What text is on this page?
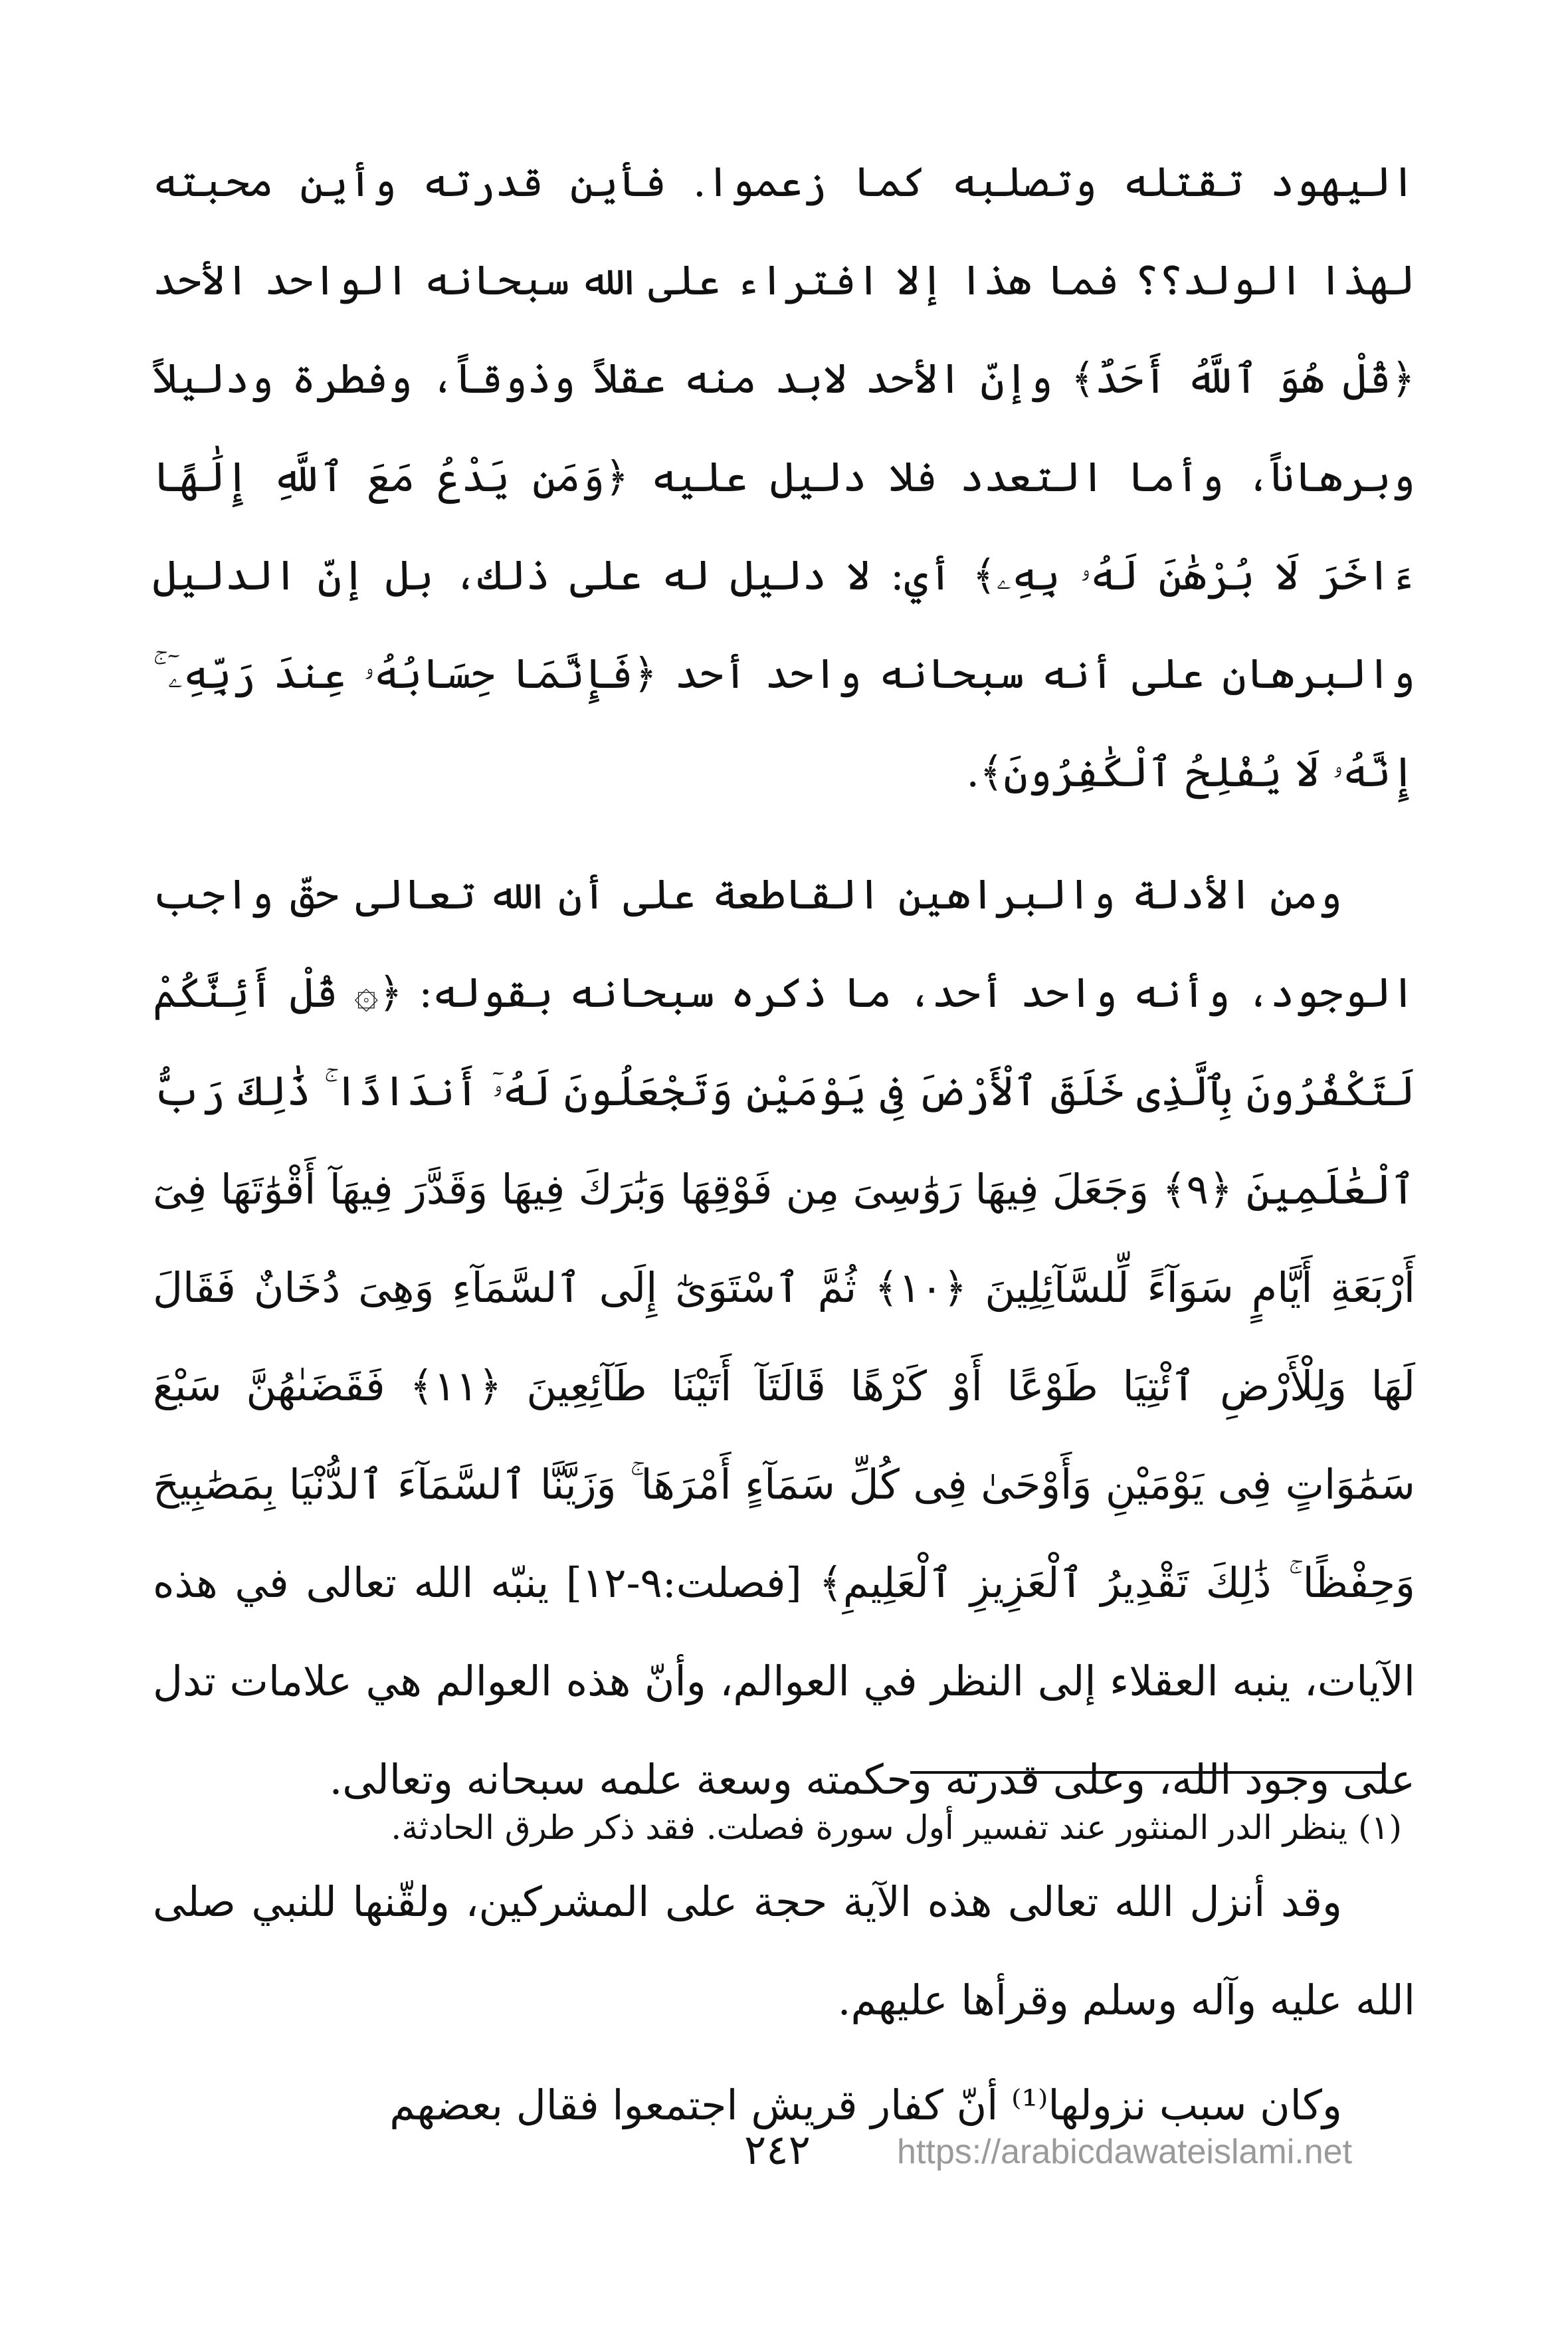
اليهود تقتله وتصلبه كما زعموا. فأين قدرته وأين محبته لهذا الولد؟؟ فما هذا إلا افتراء على الله سبحانه الواحد الأحد ﴿قُلْ هُوَ ٱللَّهُ أَحَدٌ﴾ وإنّ الأحد لابد منه عقلاً وذوقاً، وفطرة ودليلاً وبرهاناً، وأما التعدد فلا دليل عليه ﴿وَمَن يَدْعُ مَعَ ٱللَّهِ إِلَٰهًا ءَاخَرَ لَا بُرْهَٰنَ لَهُۥ بِهِۦ﴾ أي: لا دليل له على ذلك، بل إنّ الدليل والبرهان على أنه سبحانه واحد أحد ﴿فَإِنَّمَا حِسَابُهُۥ عِندَ رَبِّهِۦٓ ۚ إِنَّهُۥ لَا يُفْلِحُ ٱلْكَٰفِرُونَ﴾.

ومن الأدلة والبراهين القاطعة على أن الله تعالى حقّ واجب الوجود، وأنه واحد أحد، ما ذكره سبحانه بقوله: ﴿۞ قُلْ أَئِنَّكُمْ لَتَكْفُرُونَ بِٱلَّذِى خَلَقَ ٱلْأَرْضَ فِى يَوْمَيْنِ وَتَجْعَلُونَ لَهُۥٓ أَندَادًا ۚ ذَٰلِكَ رَبُّ ٱلْعَٰلَمِينَ ﴿٩﴾ وَجَعَلَ فِيهَا رَوَٰسِىَ مِن فَوْقِهَا وَبَٰرَكَ فِيهَا وَقَدَّرَ فِيهَآ أَقْوَٰتَهَا فِىٓ أَرْبَعَةِ أَيَّامٍ سَوَآءً لِّلسَّآئِلِينَ ﴿١٠﴾ ثُمَّ ٱسْتَوَىٰٓ إِلَى ٱلسَّمَآءِ وَهِىَ دُخَانٌ فَقَالَ لَهَا وَلِلْأَرْضِ ٱئْتِيَا طَوْعًا أَوْ كَرْهًا قَالَتَآ أَتَيْنَا طَآئِعِينَ ﴿١١﴾ فَقَضَىٰهُنَّ سَبْعَ سَمَٰوَاتٍ فِى يَوْمَيْنِ وَأَوْحَىٰ فِى كُلِّ سَمَآءٍ أَمْرَهَا ۚ وَزَيَّنَّا ٱلسَّمَآءَ ٱلدُّنْيَا بِمَصَٰبِيحَ وَحِفْظًا ۚ ذَٰلِكَ تَقْدِيرُ ٱلْعَزِيزِ ٱلْعَلِيمِ﴾ [فصلت:٩-١٢] ينبّه الله تعالى في هذه الآيات، ينبه العقلاء إلى النظر في العوالم، وأنّ هذه العوالم هي علامات تدل على وجود الله، وعلى قدرته وحكمته وسعة علمه سبحانه وتعالى.

وقد أنزل الله تعالى هذه الآية حجة على المشركين، ولقّنها للنبي صلى الله عليه وآله وسلم وقرأها عليهم.

وكان سبب نزولها⁽¹⁾ أنّ كفار قريش اجتمعوا فقال بعضهم

(١) ينظر الدر المنثور عند تفسير أول سورة فصلت. فقد ذكر طرق الحادثة.
٢٤٢	https://arabicdawateislami.net
